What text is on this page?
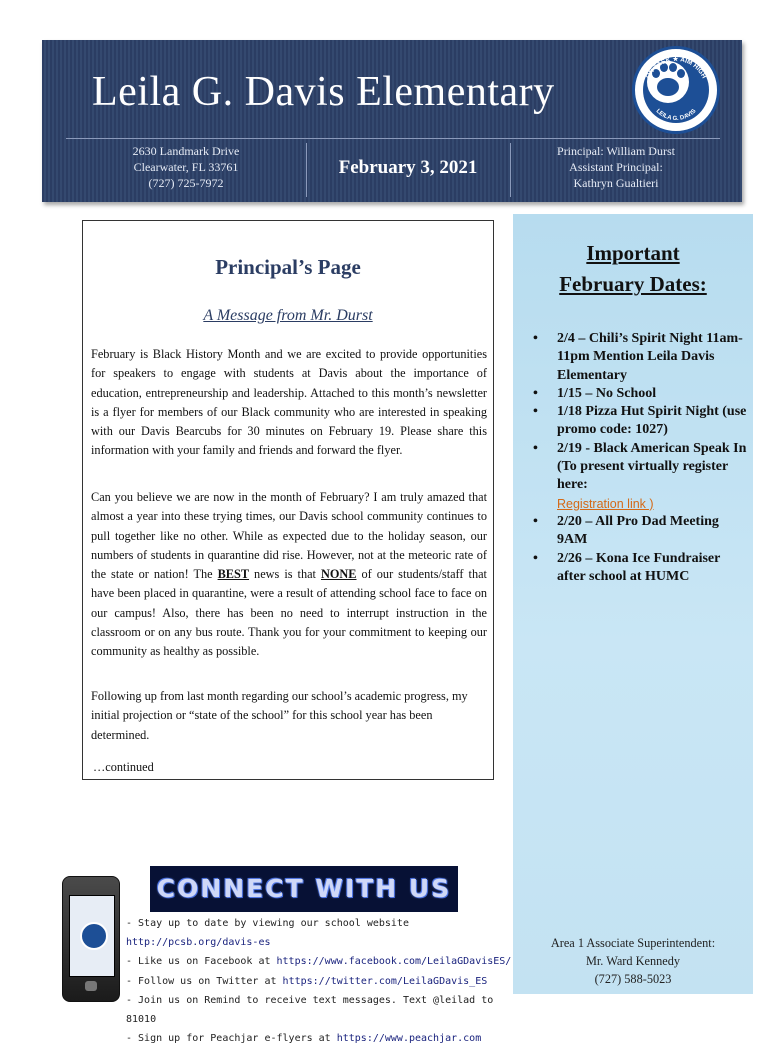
Leila G. Davis Elementary	ON TASK ★ AIM HIGH
LEILA G. DAVIS
2630 Landmark Drive
Clearwater, FL 33761
(727) 725-7972
February 3, 2021
Principal: William Durst
Assistant Principal:
Kathryn Gualtieri
Principal’s Page
A Message from Mr. Durst
February is Black History Month and we are excited to provide opportunities for speakers to engage with students at Davis about the importance of education, entrepreneurship and leadership. Attached to this month’s newsletter is a flyer for members of our Black community who are interested in speaking with our Davis Bearcubs for 30 minutes on February 19. Please share this information with your family and friends and forward the flyer.
Can you believe we are now in the month of February? I am truly amazed that almost a year into these trying times, our Davis school community continues to pull together like no other. While as expected due to the holiday season, our numbers of students in quarantine did rise. However, not at the meteoric rate of the state or nation! The BEST news is that NONE of our students/staff that have been placed in quarantine, were a result of attending school face to face on our campus! Also, there has been no need to interrupt instruction in the classroom or on any bus route. Thank you for your commitment to keeping our community as healthy as possible.
Following up from last month regarding our school’s academic progress, my initial projection or “state of the school” for this school year has been determined.
…continued
Important
February Dates:
• 2/4 – Chili’s Spirit Night 11am-11pm Mention Leila Davis Elementary
• 1/15 – No School
• 1/18 Pizza Hut Spirit Night (use promo code: 1027)
• 2/19 - Black American Speak In (To present virtually register here:
Registration link )
• 2/20 – All Pro Dad Meeting 9AM
• 2/26 – Kona Ice Fundraiser after school at HUMC
Area 1 Associate Superintendent:
Mr. Ward Kennedy
(727) 588-5023
CONNECT WITH US
- Stay up to date by viewing our school website http://pcsb.org/davis-es
- Like us on Facebook at https://www.facebook.com/LeilaGDavisES/
- Follow us on Twitter at https://twitter.com/LeilaGDavis_ES
- Join us on Remind to receive text messages. Text @leilad to 81010
- Sign up for Peachjar e-flyers at https://www.peachjar.com
